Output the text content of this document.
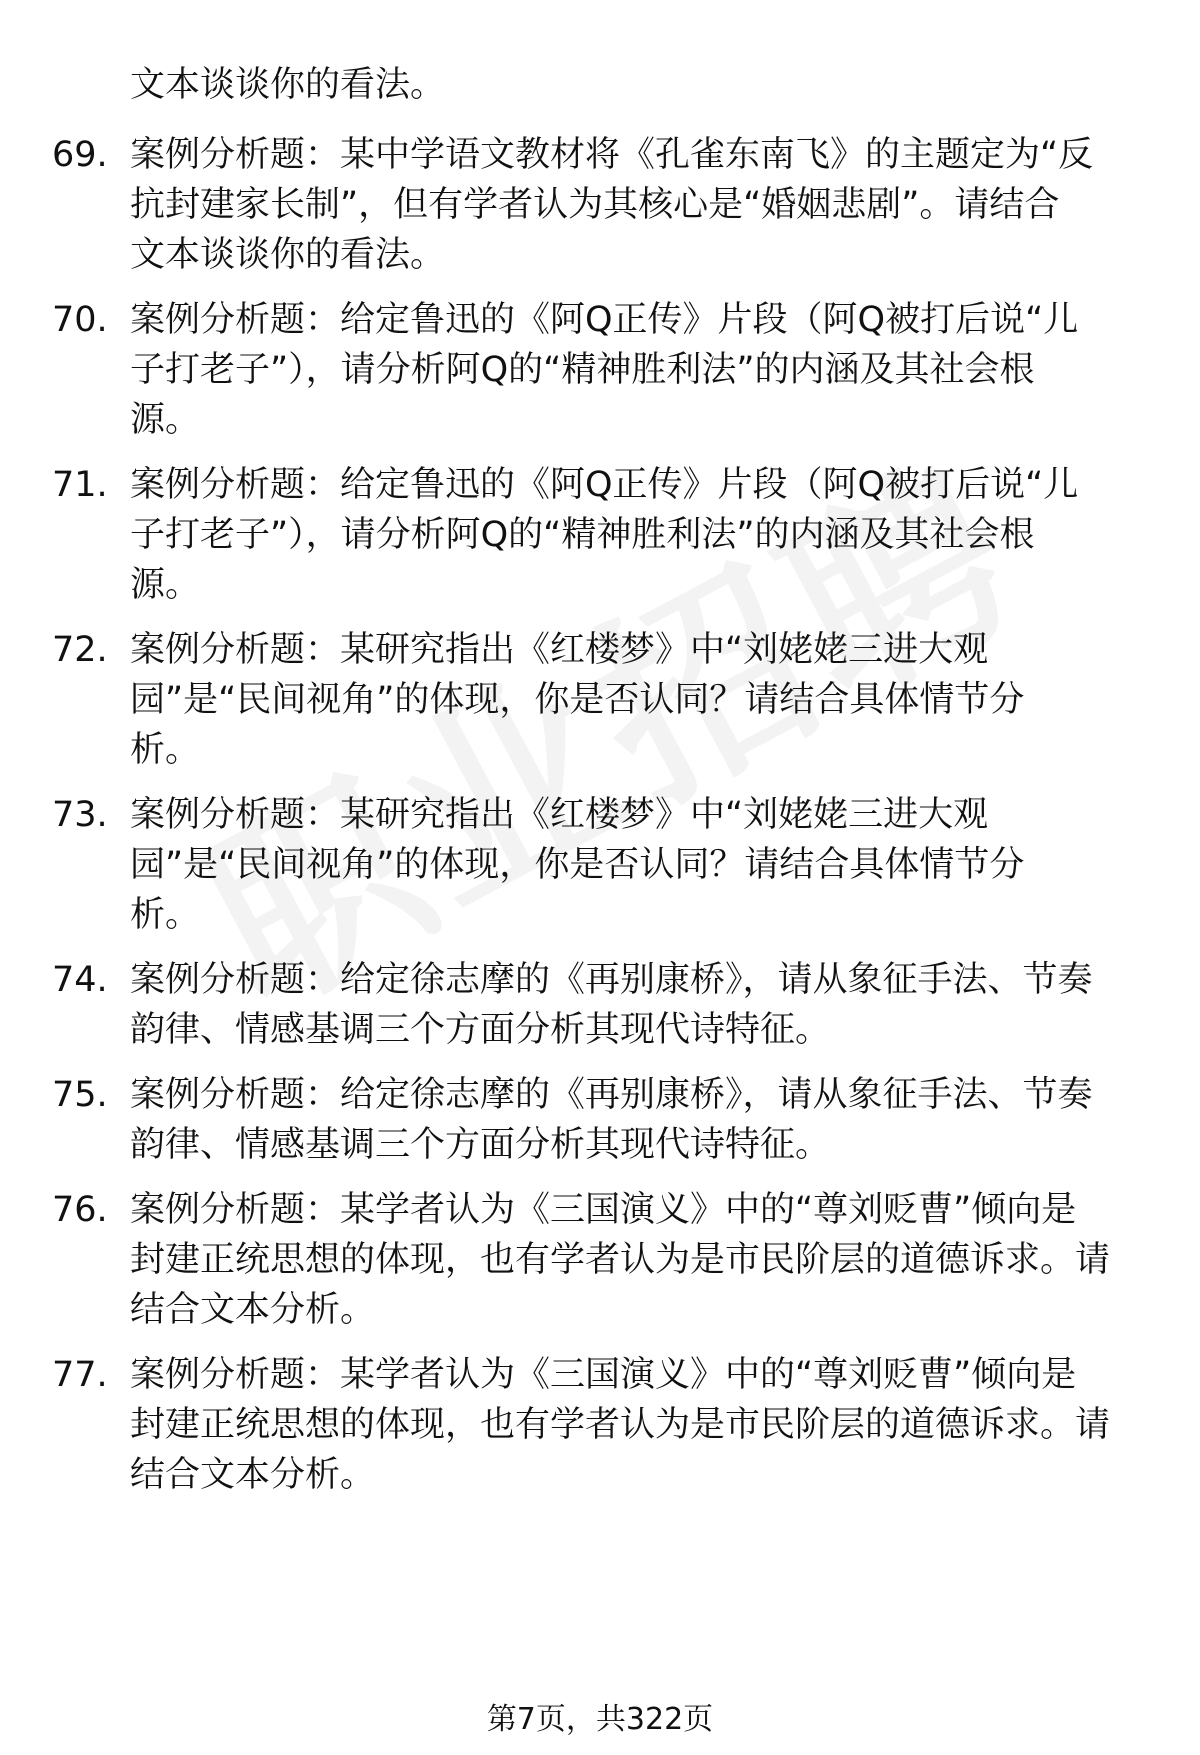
文本谈谈你的看法。
69. 案例分析题：某中学语文教材将《孔雀东南飞》的主题定为“反
抗封建家长制”，但有学者认为其核心是“婚姻悲剧”。请结合
文本谈谈你的看法。
70. 案例分析题：给定鲁迅的《阿Q正传》片段（阿Q被打后说“儿
子打老子”），请分析阿Q的“精神胜利法”的内涵及其社会根
源。
71. 案例分析题：给定鲁迅的《阿Q正传》片段（阿Q被打后说“儿
子打老子”），请分析阿Q的“精神胜利法”的内涵及其社会根
源。
72. 案例分析题：某研究指出《红楼梦》中“刘姥姥三进大观
园”是“民间视角”的体现，你是否认同？请结合具体情节分
析。
73. 案例分析题：某研究指出《红楼梦》中“刘姥姥三进大观
园”是“民间视角”的体现，你是否认同？请结合具体情节分
析。
74. 案例分析题：给定徐志摩的《再别康桥》，请从象征手法、节奏
韵律、情感基调三个方面分析其现代诗特征。
75. 案例分析题：给定徐志摩的《再别康桥》，请从象征手法、节奏
韵律、情感基调三个方面分析其现代诗特征。
76. 案例分析题：某学者认为《三国演义》中的“尊刘贬曹”倾向是
封建正统思想的体现，也有学者认为是市民阶层的道德诉求。请
结合文本分析。
77. 案例分析题：某学者认为《三国演义》中的“尊刘贬曹”倾向是
封建正统思想的体现，也有学者认为是市民阶层的道德诉求。请
结合文本分析。
第7页，共322页
